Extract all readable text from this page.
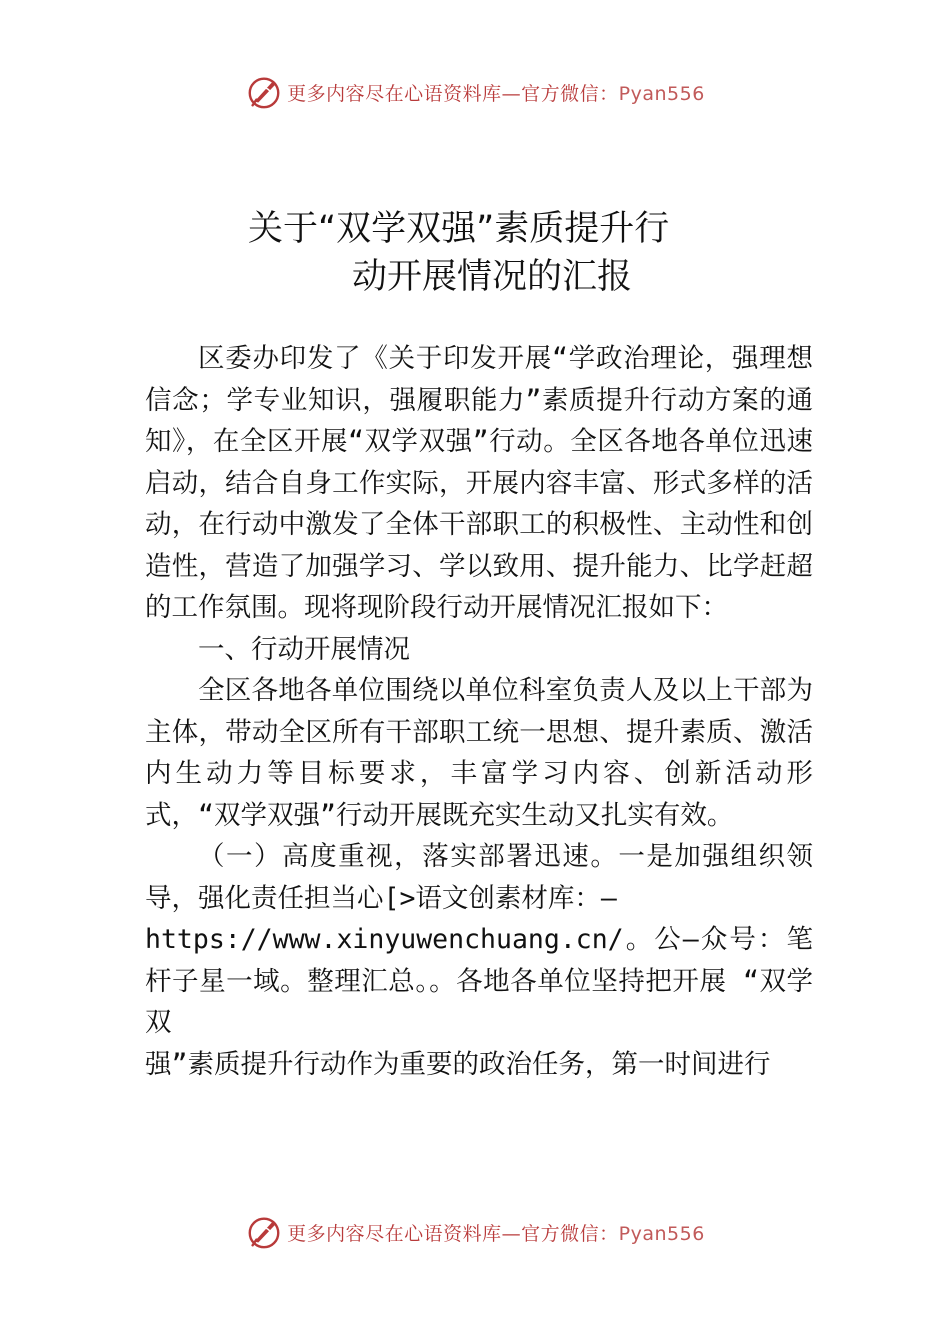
更多内容尽在心语资料库—官方微信：Pyan556
关于“双学双强”素质提升行
动开展情况的汇报

区委办印发了《关于印发开展“学政治理论，强理想信念；学专业知识，强履职能力”素质提升行动方案的通知》，在全区开展“双学双强”行动。全区各地各单位迅速启动，结合自身工作实际，开展内容丰富、形式多样的活动，在行动中激发了全体干部职工的积极性、主动性和创造性，营造了加强学习、学以致用、提升能力、比学赶超的工作氛围。现将现阶段行动开展情况汇报如下：

一、行动开展情况

全区各地各单位围绕以单位科室负责人及以上干部为主体，带动全区所有干部职工统一思想、提升素质、激活内生动力等目标要求，丰富学习内容、创新活动形式，“双学双强”行动开展既充实生动又扎实有效。

（一）高度重视，落实部署迅速。一是加强组织领导，强化责任担当心[>语文创素材库：—

https://www.xinyuwenchuang.cn/。公—众号：笔杆子星一域。整理汇总。。各地各单位坚持把开展 “双学双

强”素质提升行动作为重要的政治任务，第一时间进行

更多内容尽在心语资料库—官方微信：Pyan556
